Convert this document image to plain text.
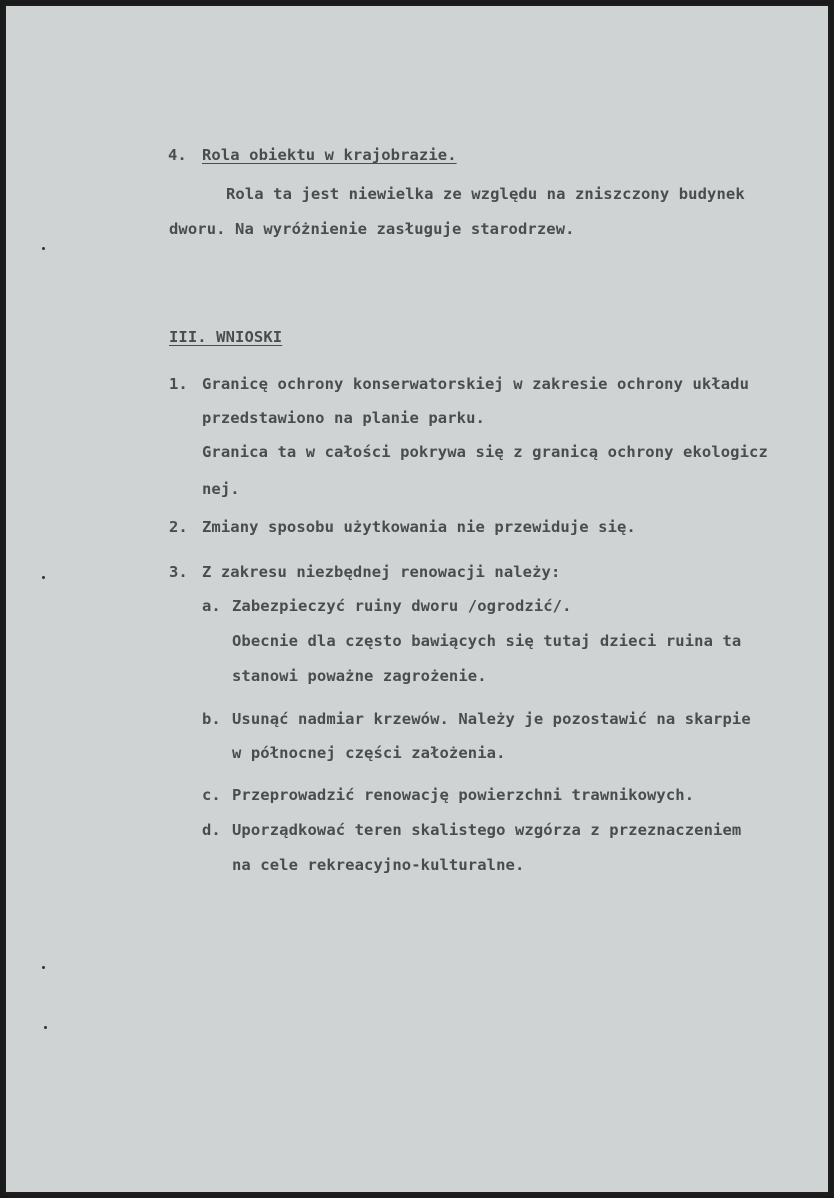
4. Rola obiektu w krajobrazie.
Rola ta jest niewielka ze względu na zniszczony budynek
dworu. Na wyróżnienie zasługuje starodrzew.
III. WNIOSKI
1. Granicę ochrony konserwatorskiej w zakresie ochrony układu
przedstawiono na planie parku.
Granica ta w całości pokrywa się z granicą ochrony ekologicz
nej.
2. Zmiany sposobu użytkowania nie przewiduje się.
3. Z zakresu niezbędnej renowacji należy:
a. Zabezpieczyć ruiny dworu /ogrodzić/.
Obecnie dla często bawiących się tutaj dzieci ruina ta
stanowi poważne zagrożenie.
b. Usunąć nadmiar krzewów. Należy je pozostawić na skarpie
w północnej części założenia.
c. Przeprowadzić renowację powierzchni trawnikowych.
d. Uporządkować teren skalistego wzgórza z przeznaczeniem
na cele rekreacyjno-kulturalne.
